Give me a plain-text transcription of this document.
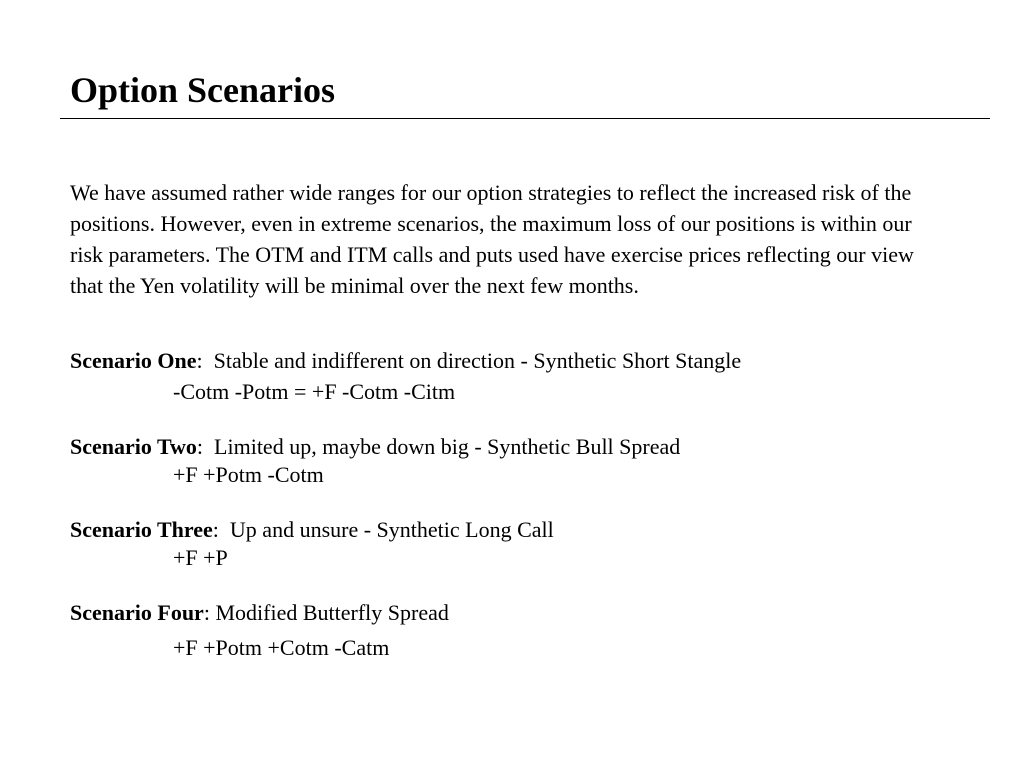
Option Scenarios

We have assumed rather wide ranges for our option strategies to reflect the increased risk of the positions. However, even in extreme scenarios, the maximum loss of our positions is within our risk parameters. The OTM and ITM calls and puts used have exercise prices reflecting our view that the Yen volatility will be minimal over the next few months.

Scenario One:  Stable and indifferent on direction - Synthetic Short Stangle
-Cotm -Potm = +F -Cotm -Citm
Scenario Two:  Limited up, maybe down big - Synthetic Bull Spread
+F +Potm -Cotm
Scenario Three:  Up and unsure - Synthetic Long Call
+F +P
Scenario Four: Modified Butterfly Spread
+F +Potm +Cotm -Catm
